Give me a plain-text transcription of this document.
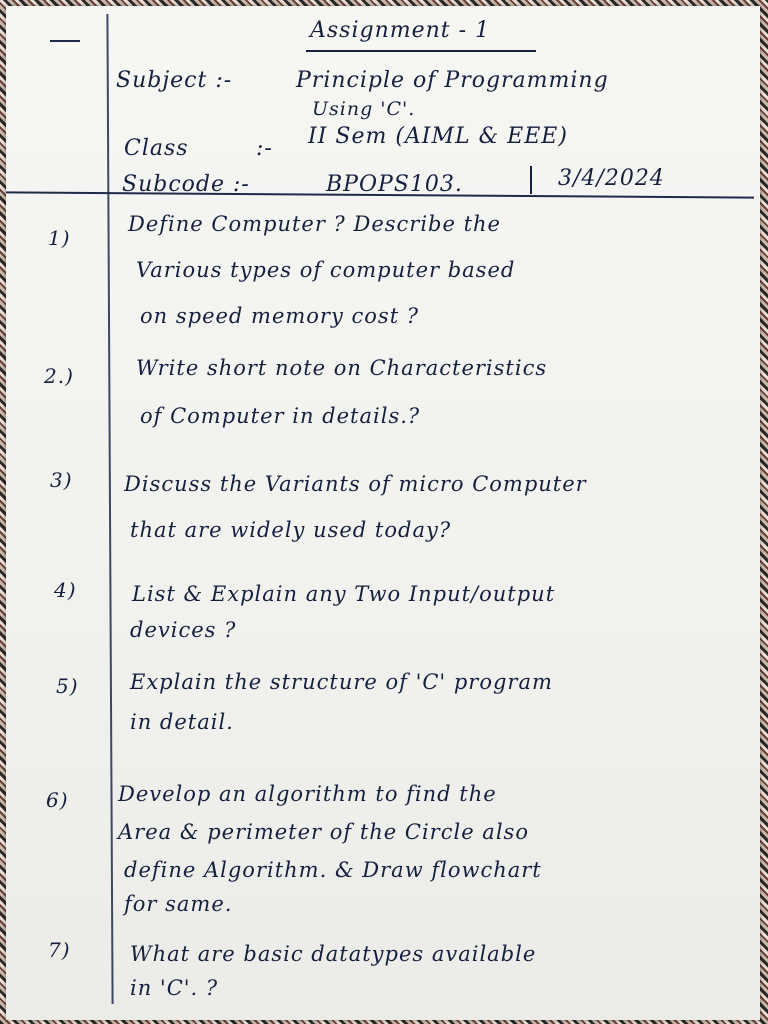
Assignment - 1
Subject :-	Principle of Programming
Using 'C'.
Class	:- II Sem (AIML & EEE)
Subcode :-	BPOPS103.	3/4/2024
1)
Define Computer ? Describe the
Various types of computer based
on speed memory cost ?
2.)	Write short note on Characteristics
of Computer in details.?
3) Discuss the Variants of micro Computer
that are widely used today?
4)	List & Explain any Two Input/output
devices ?
5) Explain the structure of 'C' program
in detail.
6) Develop an algorithm to find the
Area & perimeter of the Circle also
define Algorithm. & Draw flowchart
for same.
7)	What are basic datatypes available
in 'C'. ?
